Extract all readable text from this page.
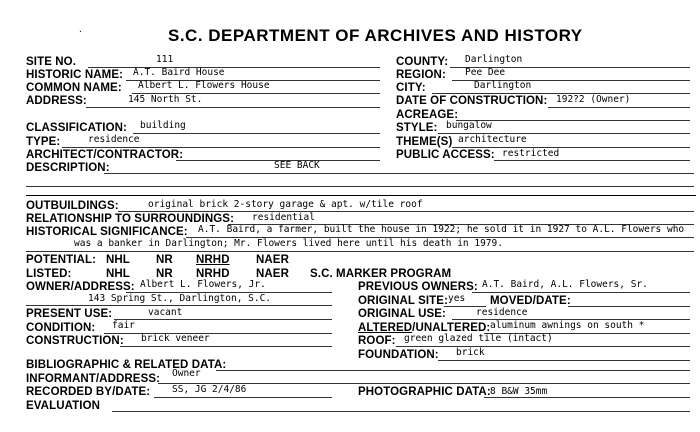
S.C. DEPARTMENT OF ARCHIVES AND HISTORY
·
SITE NO.	111
HISTORIC NAME: A.T. Baird House
COMMON NAME: Albert L. Flowers House
ADDRESS:	145 North St.
CLASSIFICATION: building
TYPE:	residence
ARCHITECT/CONTRACTOR:
DESCRIPTION:	SEE BACK
COUNTY: Darlington
REGION: Pee Dee
CITY:	Darlington
DATE OF CONSTRUCTION: 192?2 (Owner)
ACREAGE:
STYLE: bungalow
THEME(S) architecture
PUBLIC ACCESS: restricted
OUTBUILDINGS:	original brick 2-story garage & apt. w/tile roof
RELATIONSHIP TO SURROUNDINGS: residential
HISTORICAL SIGNIFICANCE: A.T. Baird, a farmer, built the house in 1922; he sold it in 1927 to A.L. Flowers who
was a banker in Darlington; Mr. Flowers lived here until his death in 1979.
POTENTIAL: NHL NR NRHD NAER
LISTED:	NHL NR NRHD NAER S.C. MARKER PROGRAM
OWNER/ADDRESS: Albert L. Flowers, Jr.
143 Spring St., Darlington, S.C.
PRESENT USE:	vacant
CONDITION: fair
CONSTRUCTION: brick veneer
PREVIOUS OWNERS: A.T. Baird, A.L. Flowers, Sr.
ORIGINAL SITE: yes MOVED/DATE:
ORIGINAL USE:	residence
ALTERED/UNALTERED: aluminum awnings on south *
ROOF: green glazed tile (intact)
FOUNDATION: brick
BIBLIOGRAPHIC & RELATED DATA:
INFORMANT/ADDRESS: Owner
RECORDED BY/DATE: SS, JG 2/4/86	PHOTOGRAPHIC DATA: 8 B&W 35mm
EVALUATION
